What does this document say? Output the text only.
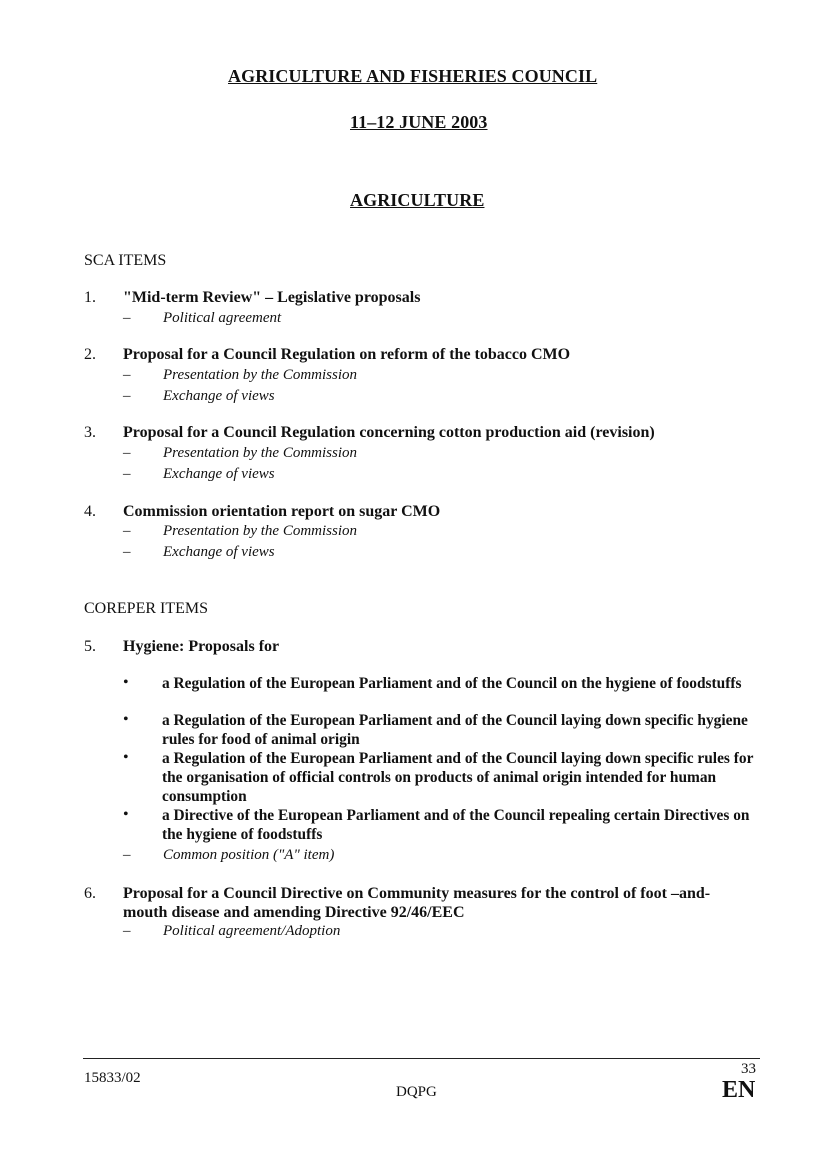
AGRICULTURE AND FISHERIES COUNCIL
11–12 JUNE 2003
AGRICULTURE
SCA ITEMS
1. "Mid-term Review" – Legislative proposals
– Political agreement
2. Proposal for a Council Regulation on reform of the tobacco CMO
– Presentation by the Commission
– Exchange of views
3. Proposal for a Council Regulation concerning cotton production aid (revision)
– Presentation by the Commission
– Exchange of views
4. Commission orientation report on sugar CMO
– Presentation by the Commission
– Exchange of views
COREPER ITEMS
5. Hygiene: Proposals for
• a Regulation of the European Parliament and of the Council on the hygiene of foodstuffs
• a Regulation of the European Parliament and of the Council laying down specific hygiene rules for food of animal origin
• a Regulation of the European Parliament and of the Council laying down specific rules for the organisation of official controls on products of animal origin intended for human consumption
• a Directive of the European Parliament and of the Council repealing certain Directives on the hygiene of foodstuffs
– Common position ("A" item)
6. Proposal for a Council Directive on Community measures for the control of foot –and-
mouth disease and amending Directive 92/46/EEC
– Political agreement/Adoption
15833/02
33
DQPG	EN
